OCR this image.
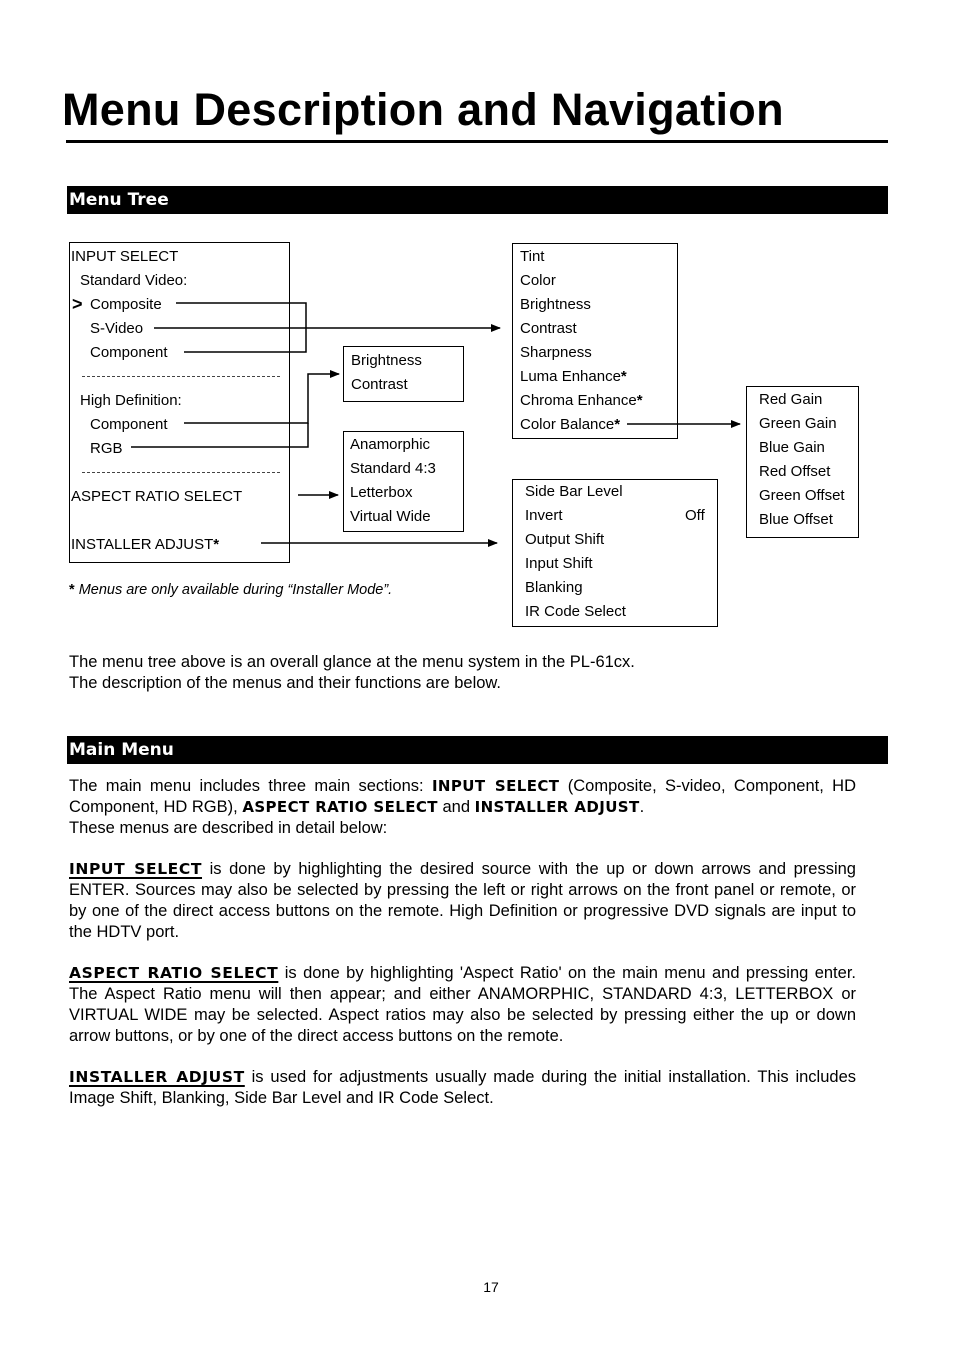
Menu Description and Navigation
Menu Tree
INPUT SELECT
Standard Video:
> Composite
S-Video
Component
High Definition:
Component
RGB
ASPECT RATIO SELECT
INSTALLER ADJUST*
Brightness
Contrast
Anamorphic
Standard 4:3
Letterbox
Virtual Wide
Tint
Color
Brightness
Contrast
Sharpness
Luma Enhance*
Chroma Enhance*
Color Balance*
Red Gain
Green Gain
Blue Gain
Red Offset
Green Offset
Blue Offset
Side Bar Level
Invert	Off
Output Shift
Input Shift
Blanking
IR Code Select
* Menus are only available during “Installer Mode”.

The menu tree above is an overall glance at the menu system in the PL-61cx.

The description of the menus and their functions are below.

Main Menu

The main menu includes three main sections: INPUT SELECT (Composite, S-video, Component, HD Component, HD RGB), ASPECT RATIO SELECT and INSTALLER ADJUST.

These menus are described in detail below:

INPUT SELECT is done by highlighting the desired source with the up or down arrows and pressing ENTER. Sources may also be selected by pressing the left or right arrows on the front panel or remote, or by one of the direct access buttons on the remote. High Definition or progressive DVD signals are input to the HDTV port.

ASPECT RATIO SELECT is done by highlighting 'Aspect Ratio' on the main menu and pressing enter. The Aspect Ratio menu will then appear; and either ANAMORPHIC, STANDARD 4:3, LETTERBOX or VIRTUAL WIDE may be selected. Aspect ratios may also be selected by pressing either the up or down arrow buttons, or by one of the direct access buttons on the remote.

INSTALLER ADJUST is used for adjustments usually made during the initial installation. This includes Image Shift, Blanking, Side Bar Level and IR Code Select.

17
